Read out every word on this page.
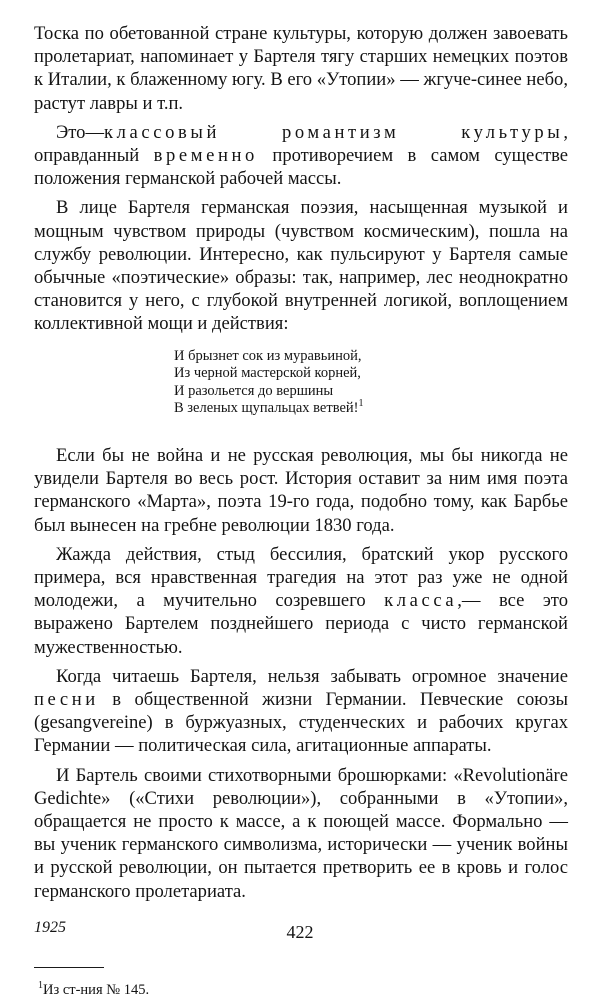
Тоска по обетованной стране культуры, которую должен завоевать пролетариат, напоминает у Бартеля тягу старших немецких поэтов к Италии, к блаженному югу. В его «Утопии» — жгуче-синее небо, растут лавры и т.п.

Это—классовый романтизм культуры, оправданный временно противоречием в самом существе положения германской рабочей массы.

В лице Бартеля германская поэзия, насыщенная музыкой и мощным чувством природы (чувством космическим), пошла на службу революции. Интересно, как пульсируют у Бартеля самые обычные «поэтические» образы: так, например, лес неоднократно становится у него, с глубокой внутренней логикой, воплощением коллективной мощи и действия:

И брызнет сок из муравьиной,
Из черной мастерской корней,
И разольется до вершины
В зеленых щупальцах ветвей!$^1$

Если бы не война и не русская революция, мы бы никогда не увидели Бартеля во весь рост. История оставит за ним имя поэта германского «Марта», поэта 19-го года, подобно тому, как Барбье был вынесен на гребне революции 1830 года.

Жажда действия, стыд бессилия, братский укор русского примера, вся нравственная трагедия на этот раз уже не одной молодежи, а мучительно созревшего класса,— все это выражено Бартелем позднейшего периода с чисто германской мужественностью.

Когда читаешь Бартеля, нельзя забывать огромное значение песни в общественной жизни Германии. Певческие союзы (gesangvereine) в буржуазных, студенческих и рабочих кругах Германии — политическая сила, агитационные аппараты.

И Бартель своими стихотворными брошюрками: «Revolutionäre Gedichte» («Стихи революции»), собранными в «Утопии», обращается не просто к массе, а к поющей массе. Формально — вы ученик германского символизма, исторически — ученик войны и русской революции, он пытается претворить ее в кровь и голос германского пролетариата.

1925
$^1$Из ст-ния № 145.
422
